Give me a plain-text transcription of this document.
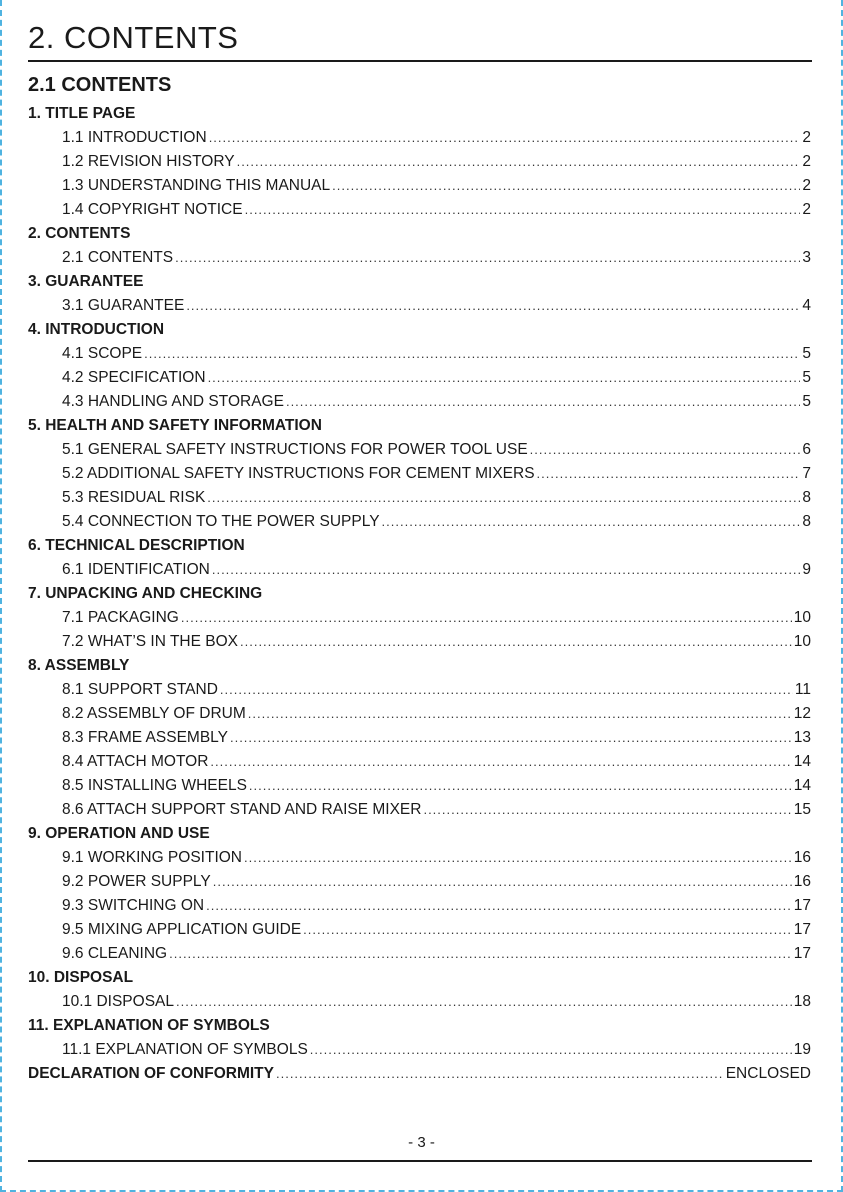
2. CONTENTS
2.1 CONTENTS
1. TITLE PAGE
1.1 INTRODUCTION .....	2
1.2 REVISION HISTORY .....	2
1.3 UNDERSTANDING THIS MANUAL .....	2
1.4 COPYRIGHT NOTICE .....	2
2. CONTENTS
2.1 CONTENTS .....	3
3. GUARANTEE
3.1 GUARANTEE .....	4
4. INTRODUCTION
4.1 SCOPE .....	5
4.2 SPECIFICATION .....	5
4.3 HANDLING AND STORAGE .....	5
5. HEALTH AND SAFETY INFORMATION
5.1 GENERAL SAFETY INSTRUCTIONS FOR POWER TOOL USE .....	6
5.2 ADDITIONAL SAFETY INSTRUCTIONS FOR CEMENT MIXERS .....	7
5.3 RESIDUAL RISK .....	8
5.4 CONNECTION TO THE POWER SUPPLY .....	8
6. TECHNICAL DESCRIPTION
6.1 IDENTIFICATION .....	9
7. UNPACKING AND CHECKING
7.1 PACKAGING .....	10
7.2 WHAT’S IN THE BOX .....	10
8. ASSEMBLY
8.1 SUPPORT STAND .....	11
8.2 ASSEMBLY OF DRUM .....	12
8.3 FRAME ASSEMBLY .....	13
8.4 ATTACH MOTOR .....	14
8.5 INSTALLING WHEELS .....	14
8.6 ATTACH SUPPORT STAND AND RAISE MIXER .....	15
9. OPERATION AND USE
9.1 WORKING POSITION .....	16
9.2 POWER SUPPLY .....	16
9.3 SWITCHING ON .....	17
9.5 MIXING APPLICATION GUIDE .....	17
9.6 CLEANING .....	17
10. DISPOSAL
10.1 DISPOSAL .....	18
11. EXPLANATION OF SYMBOLS
11.1 EXPLANATION OF SYMBOLS .....	19
DECLARATION OF CONFORMITY .....	ENCLOSED
- 3 -
